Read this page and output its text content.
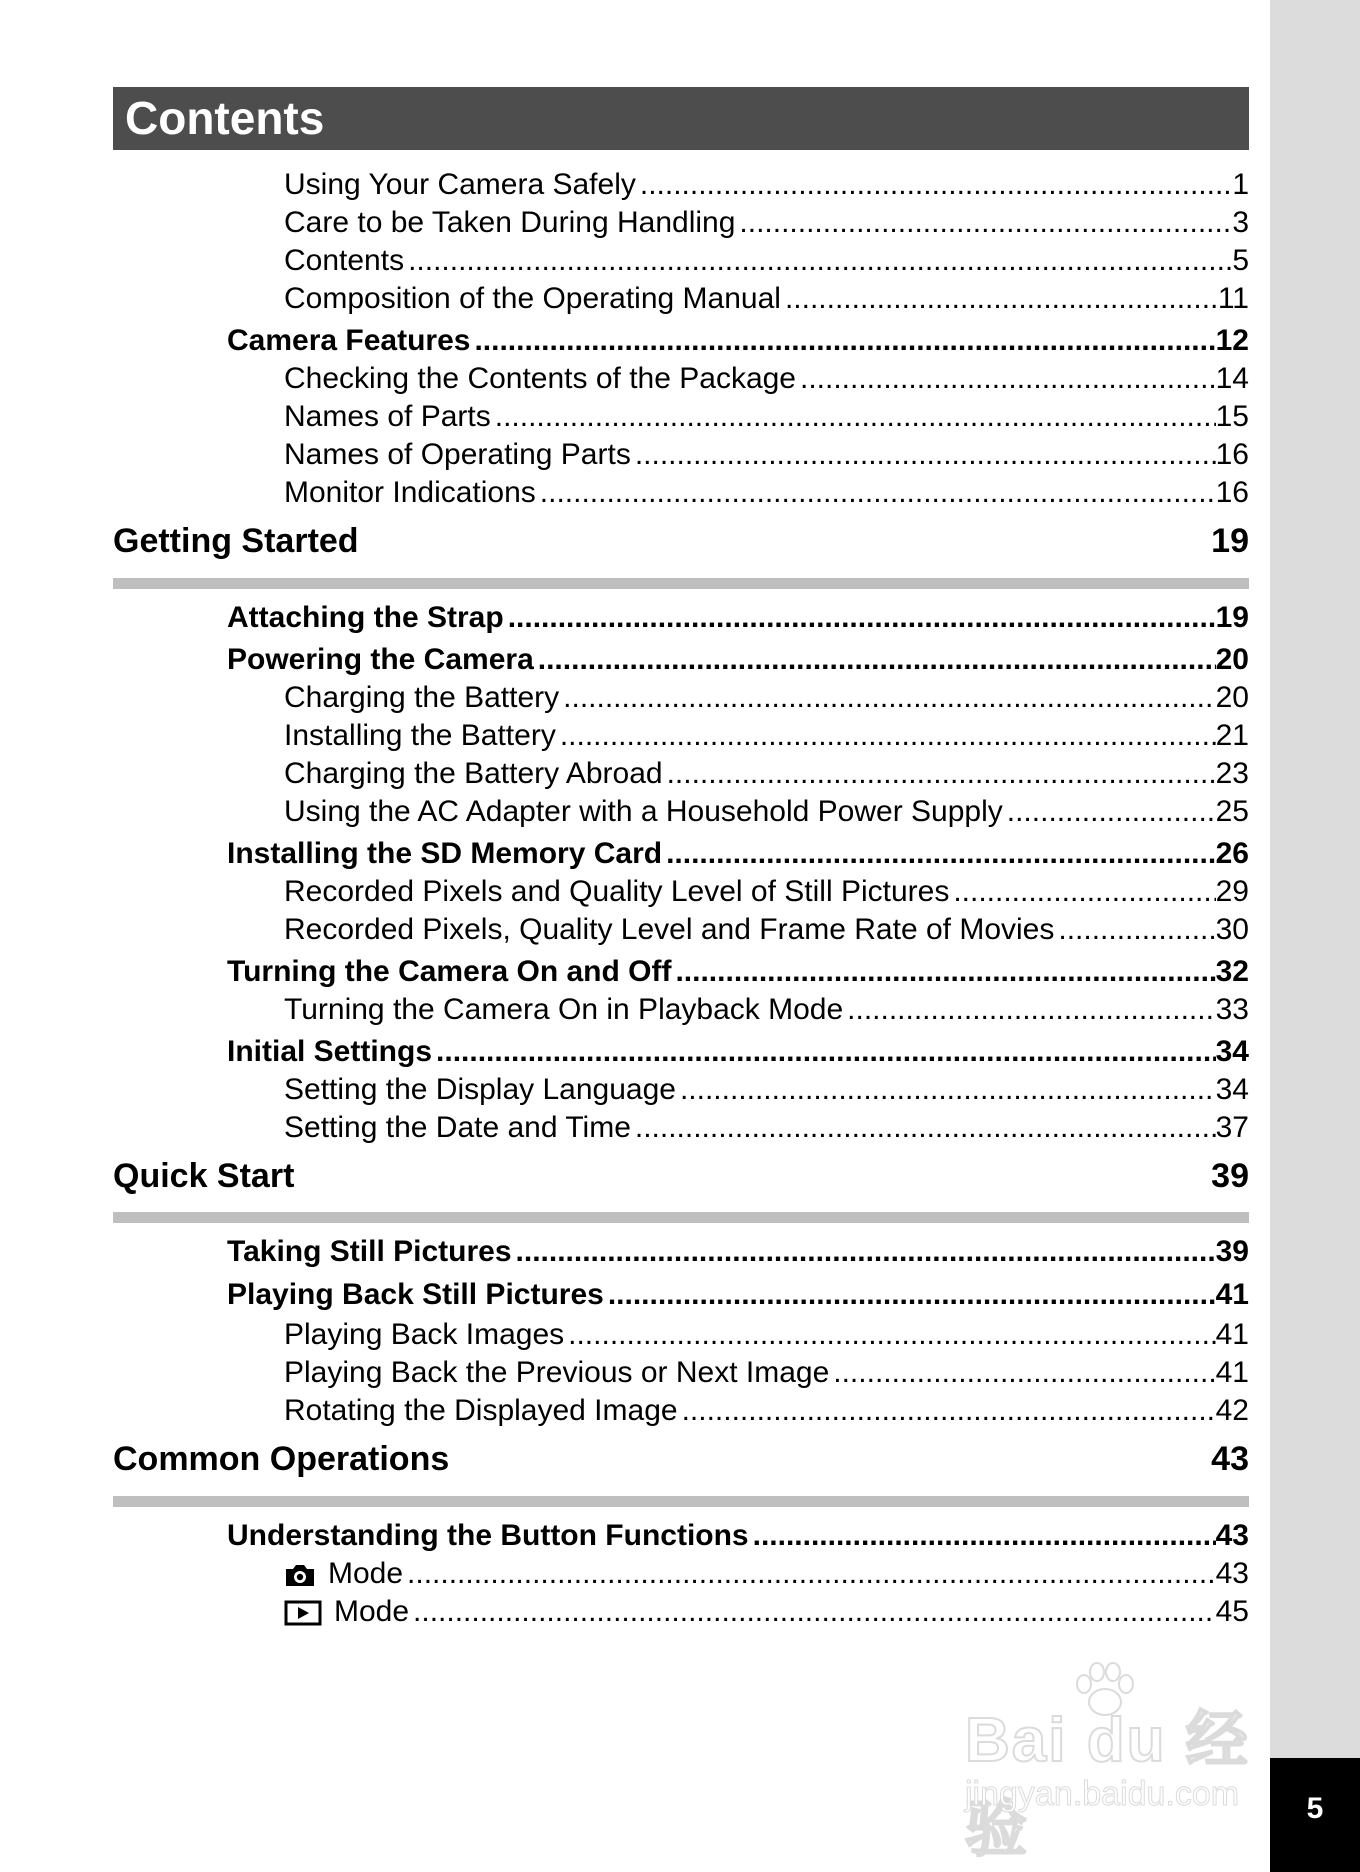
Contents
Using Your Camera Safely .....	1
Care to be Taken During Handling .....	3
Contents .....	5
Composition of the Operating Manual .....	11
Camera Features .....	12
Checking the Contents of the Package .....	14
Names of Parts .....	15
Names of Operating Parts .....	16
Monitor Indications .....	16
Getting Started	19
Attaching the Strap .....	19
Powering the Camera .....	20
Charging the Battery .....	20
Installing the Battery .....	21
Charging the Battery Abroad .....	23
Using the AC Adapter with a Household Power Supply .....	25
Installing the SD Memory Card .....	26
Recorded Pixels and Quality Level of Still Pictures .....	29
Recorded Pixels, Quality Level and Frame Rate of Movies .....	30
Turning the Camera On and Off .....	32
Turning the Camera On in Playback Mode .....	33
Initial Settings .....	34
Setting the Display Language .....	34
Setting the Date and Time .....	37
Quick Start	39
Taking Still Pictures .....	39
Playing Back Still Pictures .....	41
Playing Back Images .....	41
Playing Back the Previous or Next Image .....	41
Rotating the Displayed Image .....	42
Common Operations	43
Understanding the Button Functions .....	43
Mode .....	43
Mode .....	45
Bai du 经验
jingyan.baidu.com	5
